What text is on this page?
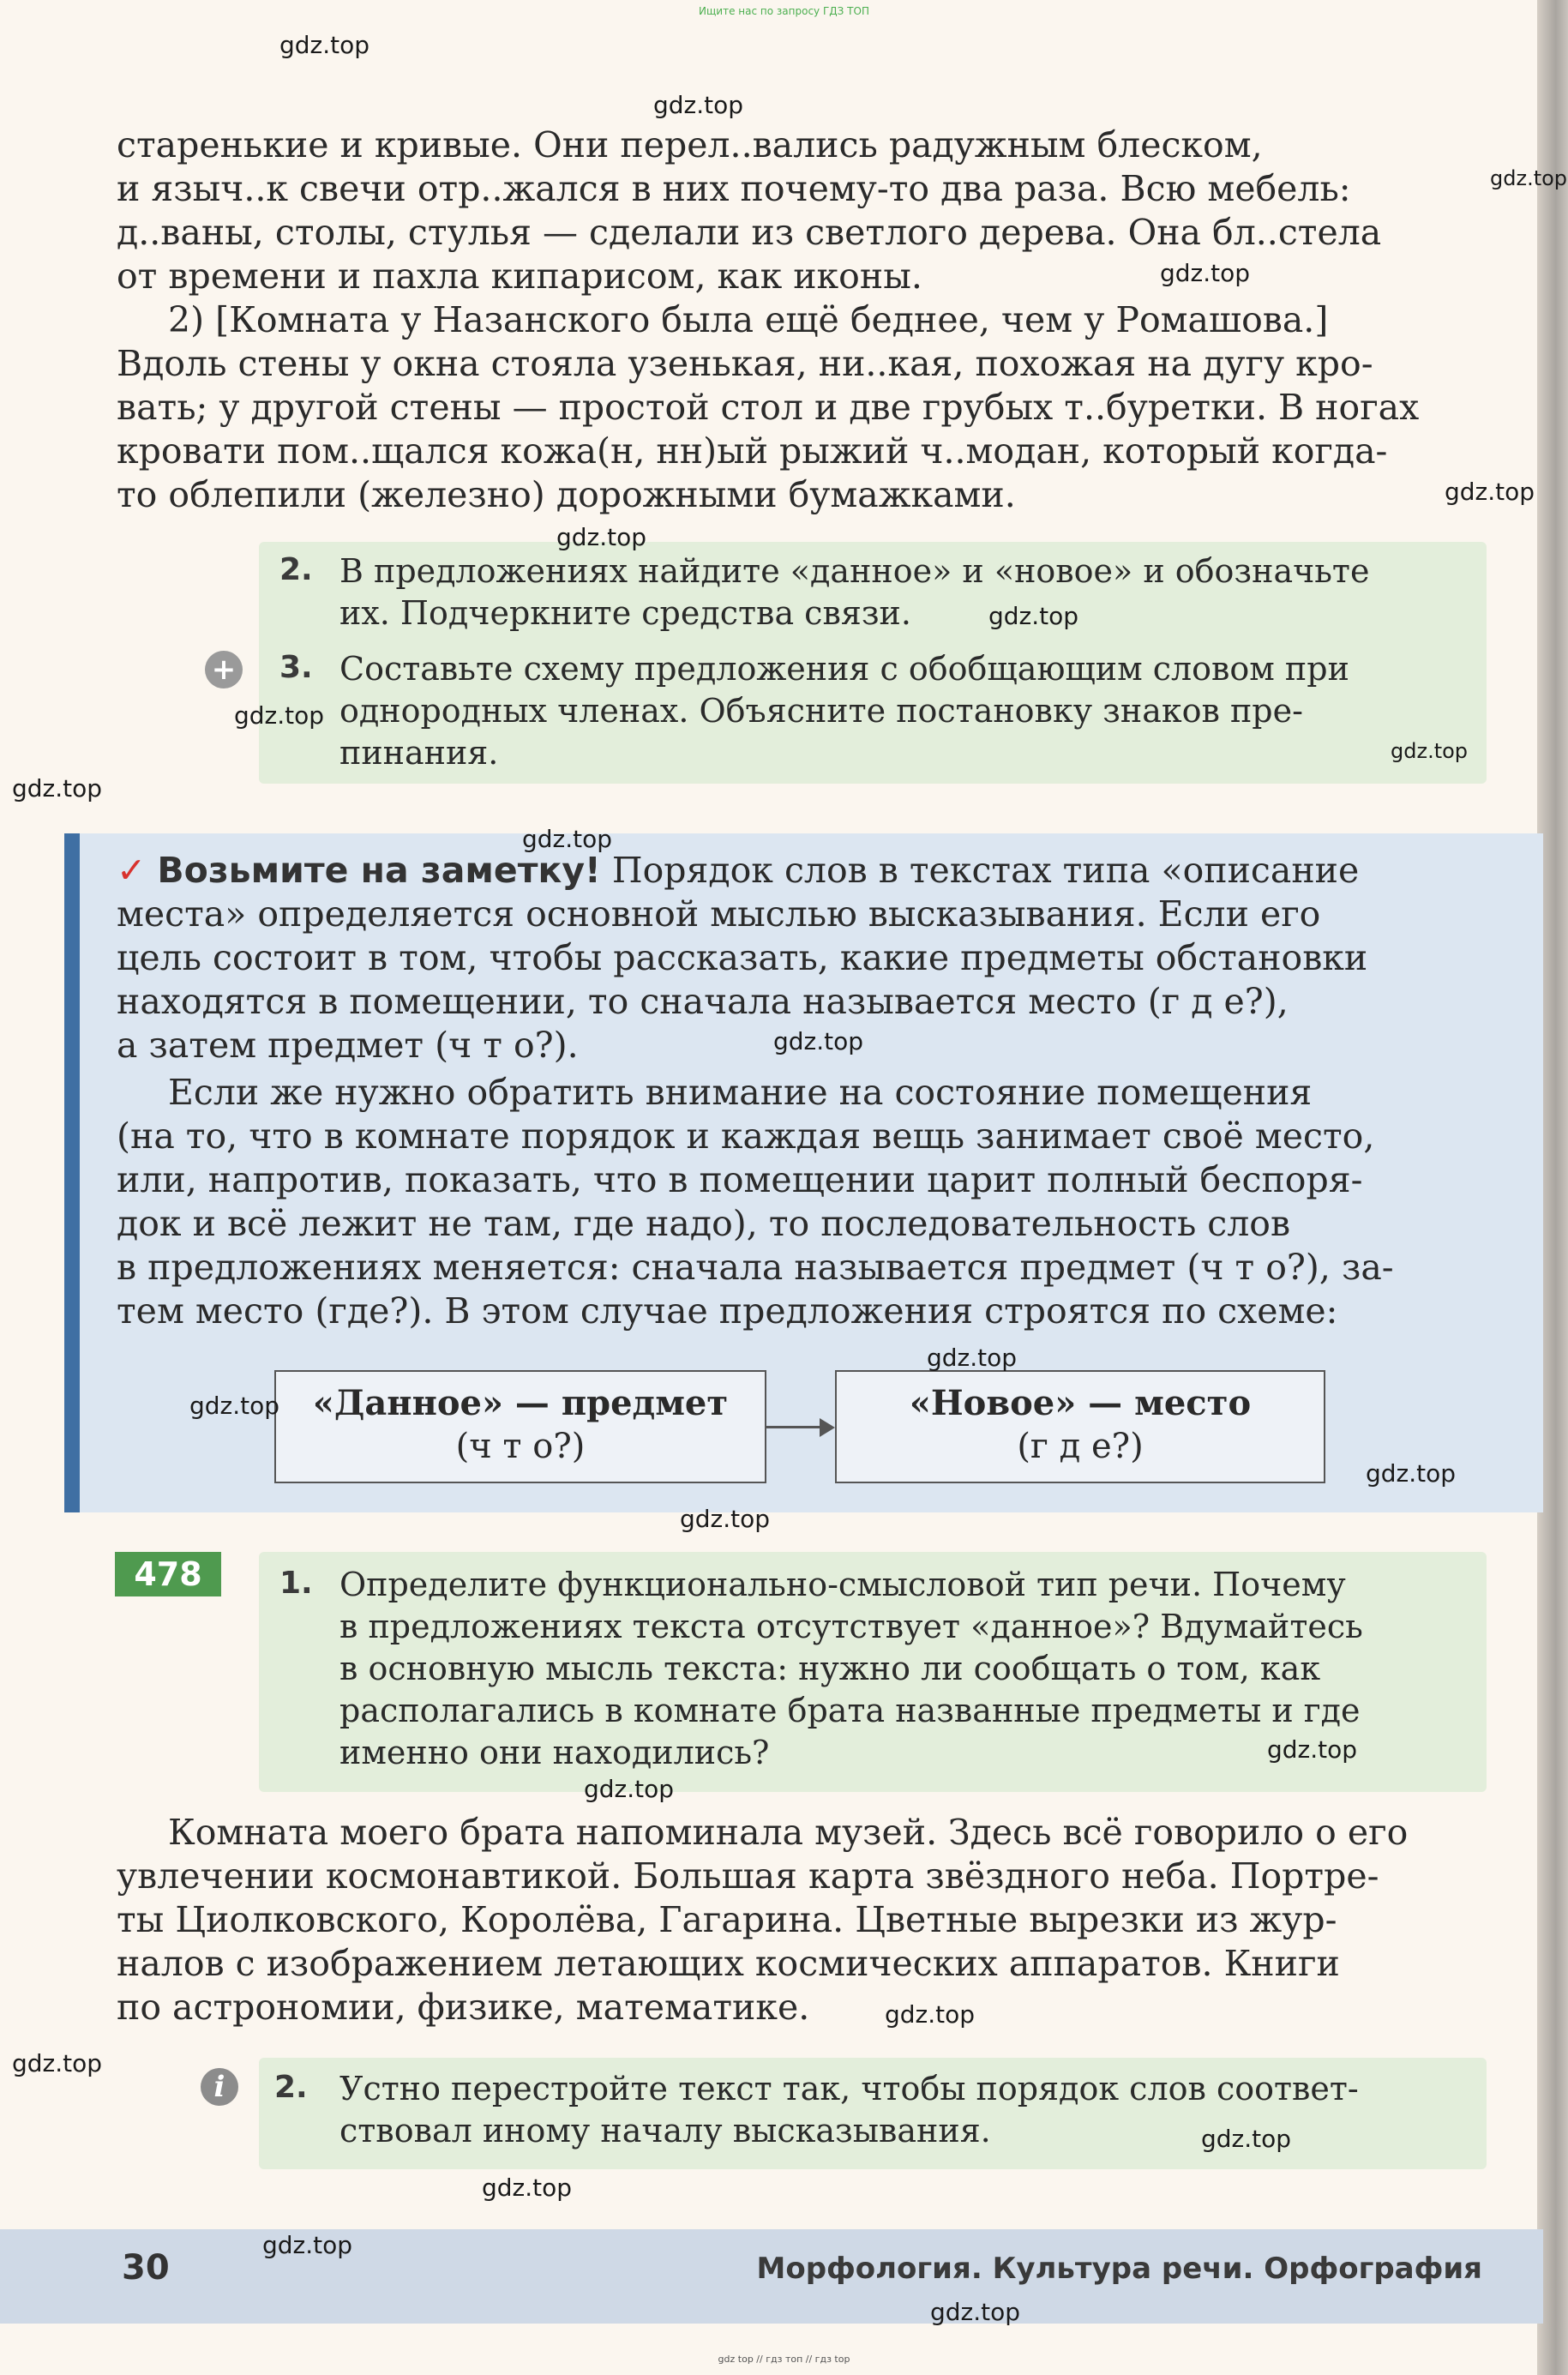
Ищите нас по запросу ГДЗ ТОП
старенькие и кривые. Они перел..вались радужным блеском,
и языч..к свечи отр..жался в них почему-то два раза. Всю мебель:
д..ваны, столы, стулья — сделали из светлого дерева. Она бл..стела
от времени и пахла кипарисом, как иконы.
2) [Комната у Назанского была ещё беднее, чем у Ромашова.]
Вдоль стены у окна стояла узенькая, ни..кая, похожая на дугу кро-
вать; у другой стены — простой стол и две грубых т..буретки. В ногах
кровати пом..щался кожа(н, нн)ый рыжий ч..модан, который когда-
то облепили (железно) дорожными бумажками.
2. В предложениях найдите «данное» и «новое» и обозначьте
их. Подчеркните средства связи.
+ 3. Составьте схему предложения с обобщающим словом при
однородных членах. Объясните постановку знаков пре-
пинания.
✓ Возьмите на заметку! Порядок слов в текстах типа «описание
места» определяется основной мыслью высказывания. Если его
цель состоит в том, чтобы рассказать, какие предметы обстановки
находятся в помещении, то сначала называется место (г д е?),
а затем предмет (ч т о?).
Если же нужно обратить внимание на состояние помещения
(на то, что в комнате порядок и каждая вещь занимает своё место,
или, напротив, показать, что в помещении царит полный беспоря-
док и всё лежит не там, где надо), то последовательность слов
в предложениях меняется: сначала называется предмет (ч т о?), за-
тем место (где?). В этом случае предложения строятся по схеме:
«Данное» — предмет
(ч т о?)
«Новое» — место
(г д е?)
478	1. Определите функционально-смысловой тип речи. Почему
в предложениях текста отсутствует «данное»? Вдумайтесь
в основную мысль текста: нужно ли сообщать о том, как
располагались в комнате брата названные предметы и где
именно они находились?
Комната моего брата напоминала музей. Здесь всё говорило о его
увлечении космонавтикой. Большая карта звёздного неба. Портре-
ты Циолковского, Королёва, Гагарина. Цветные вырезки из жур-
налов с изображением летающих космических аппаратов. Книги
по астрономии, физике, математике.
i	2. Устно перестройте текст так, чтобы порядок слов соответ-
ствовал иному началу высказывания.
30	Морфология. Культура речи. Орфография
gdz top // гдз топ // гдз top
gdz.top
gdz.top
gdz.top
gdz.top
gdz.top
gdz.top
gdz.top
gdz.top
gdz.top
gdz.top
gdz.top
gdz.top
gdz.top
gdz.top
gdz.top
gdz.top
gdz.top
gdz.top
gdz.top
gdz.top
gdz.top
gdz.top
gdz.top
gdz.top
